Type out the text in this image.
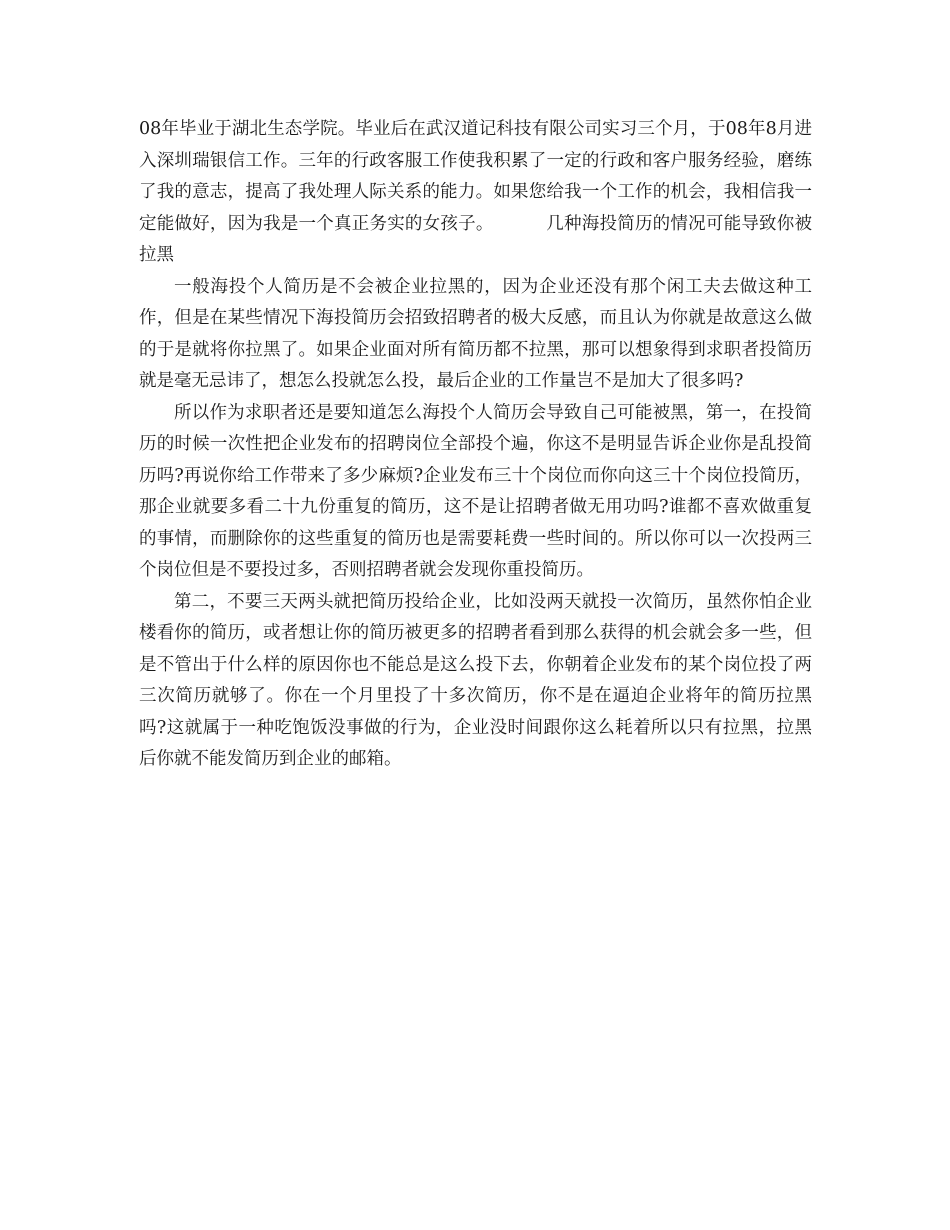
08年毕业于湖北生态学院。毕业后在武汉道记科技有限公司实习三个月，于08年8月进入深圳瑞银信工作。三年的行政客服工作使我积累了一定的行政和客户服务经验，磨练了我的意志，提高了我处理人际关系的能力。如果您给我一个工作的机会，我相信我一定能做好，因为我是一个真正务实的女孩子。	几种海投简历的情况可能导致你被拉黑

一般海投个人简历是不会被企业拉黑的，因为企业还没有那个闲工夫去做这种工作，但是在某些情况下海投简历会招致招聘者的极大反感，而且认为你就是故意这么做的于是就将你拉黑了。如果企业面对所有简历都不拉黑，那可以想象得到求职者投简历就是毫无忌讳了，想怎么投就怎么投，最后企业的工作量岂不是加大了很多吗?

所以作为求职者还是要知道怎么海投个人简历会导致自己可能被黑，第一，在投简历的时候一次性把企业发布的招聘岗位全部投个遍，你这不是明显告诉企业你是乱投简历吗?再说你给工作带来了多少麻烦?企业发布三十个岗位而你向这三十个岗位投简历，那企业就要多看二十九份重复的简历，这不是让招聘者做无用功吗?谁都不喜欢做重复的事情，而删除你的这些重复的简历也是需要耗费一些时间的。所以你可以一次投两三个岗位但是不要投过多，否则招聘者就会发现你重投简历。

第二，不要三天两头就把简历投给企业，比如没两天就投一次简历，虽然你怕企业楼看你的简历，或者想让你的简历被更多的招聘者看到那么获得的机会就会多一些，但是不管出于什么样的原因你也不能总是这么投下去，你朝着企业发布的某个岗位投了两三次简历就够了。你在一个月里投了十多次简历，你不是在逼迫企业将年的简历拉黑吗?这就属于一种吃饱饭没事做的行为，企业没时间跟你这么耗着所以只有拉黑，拉黑后你就不能发简历到企业的邮箱。
